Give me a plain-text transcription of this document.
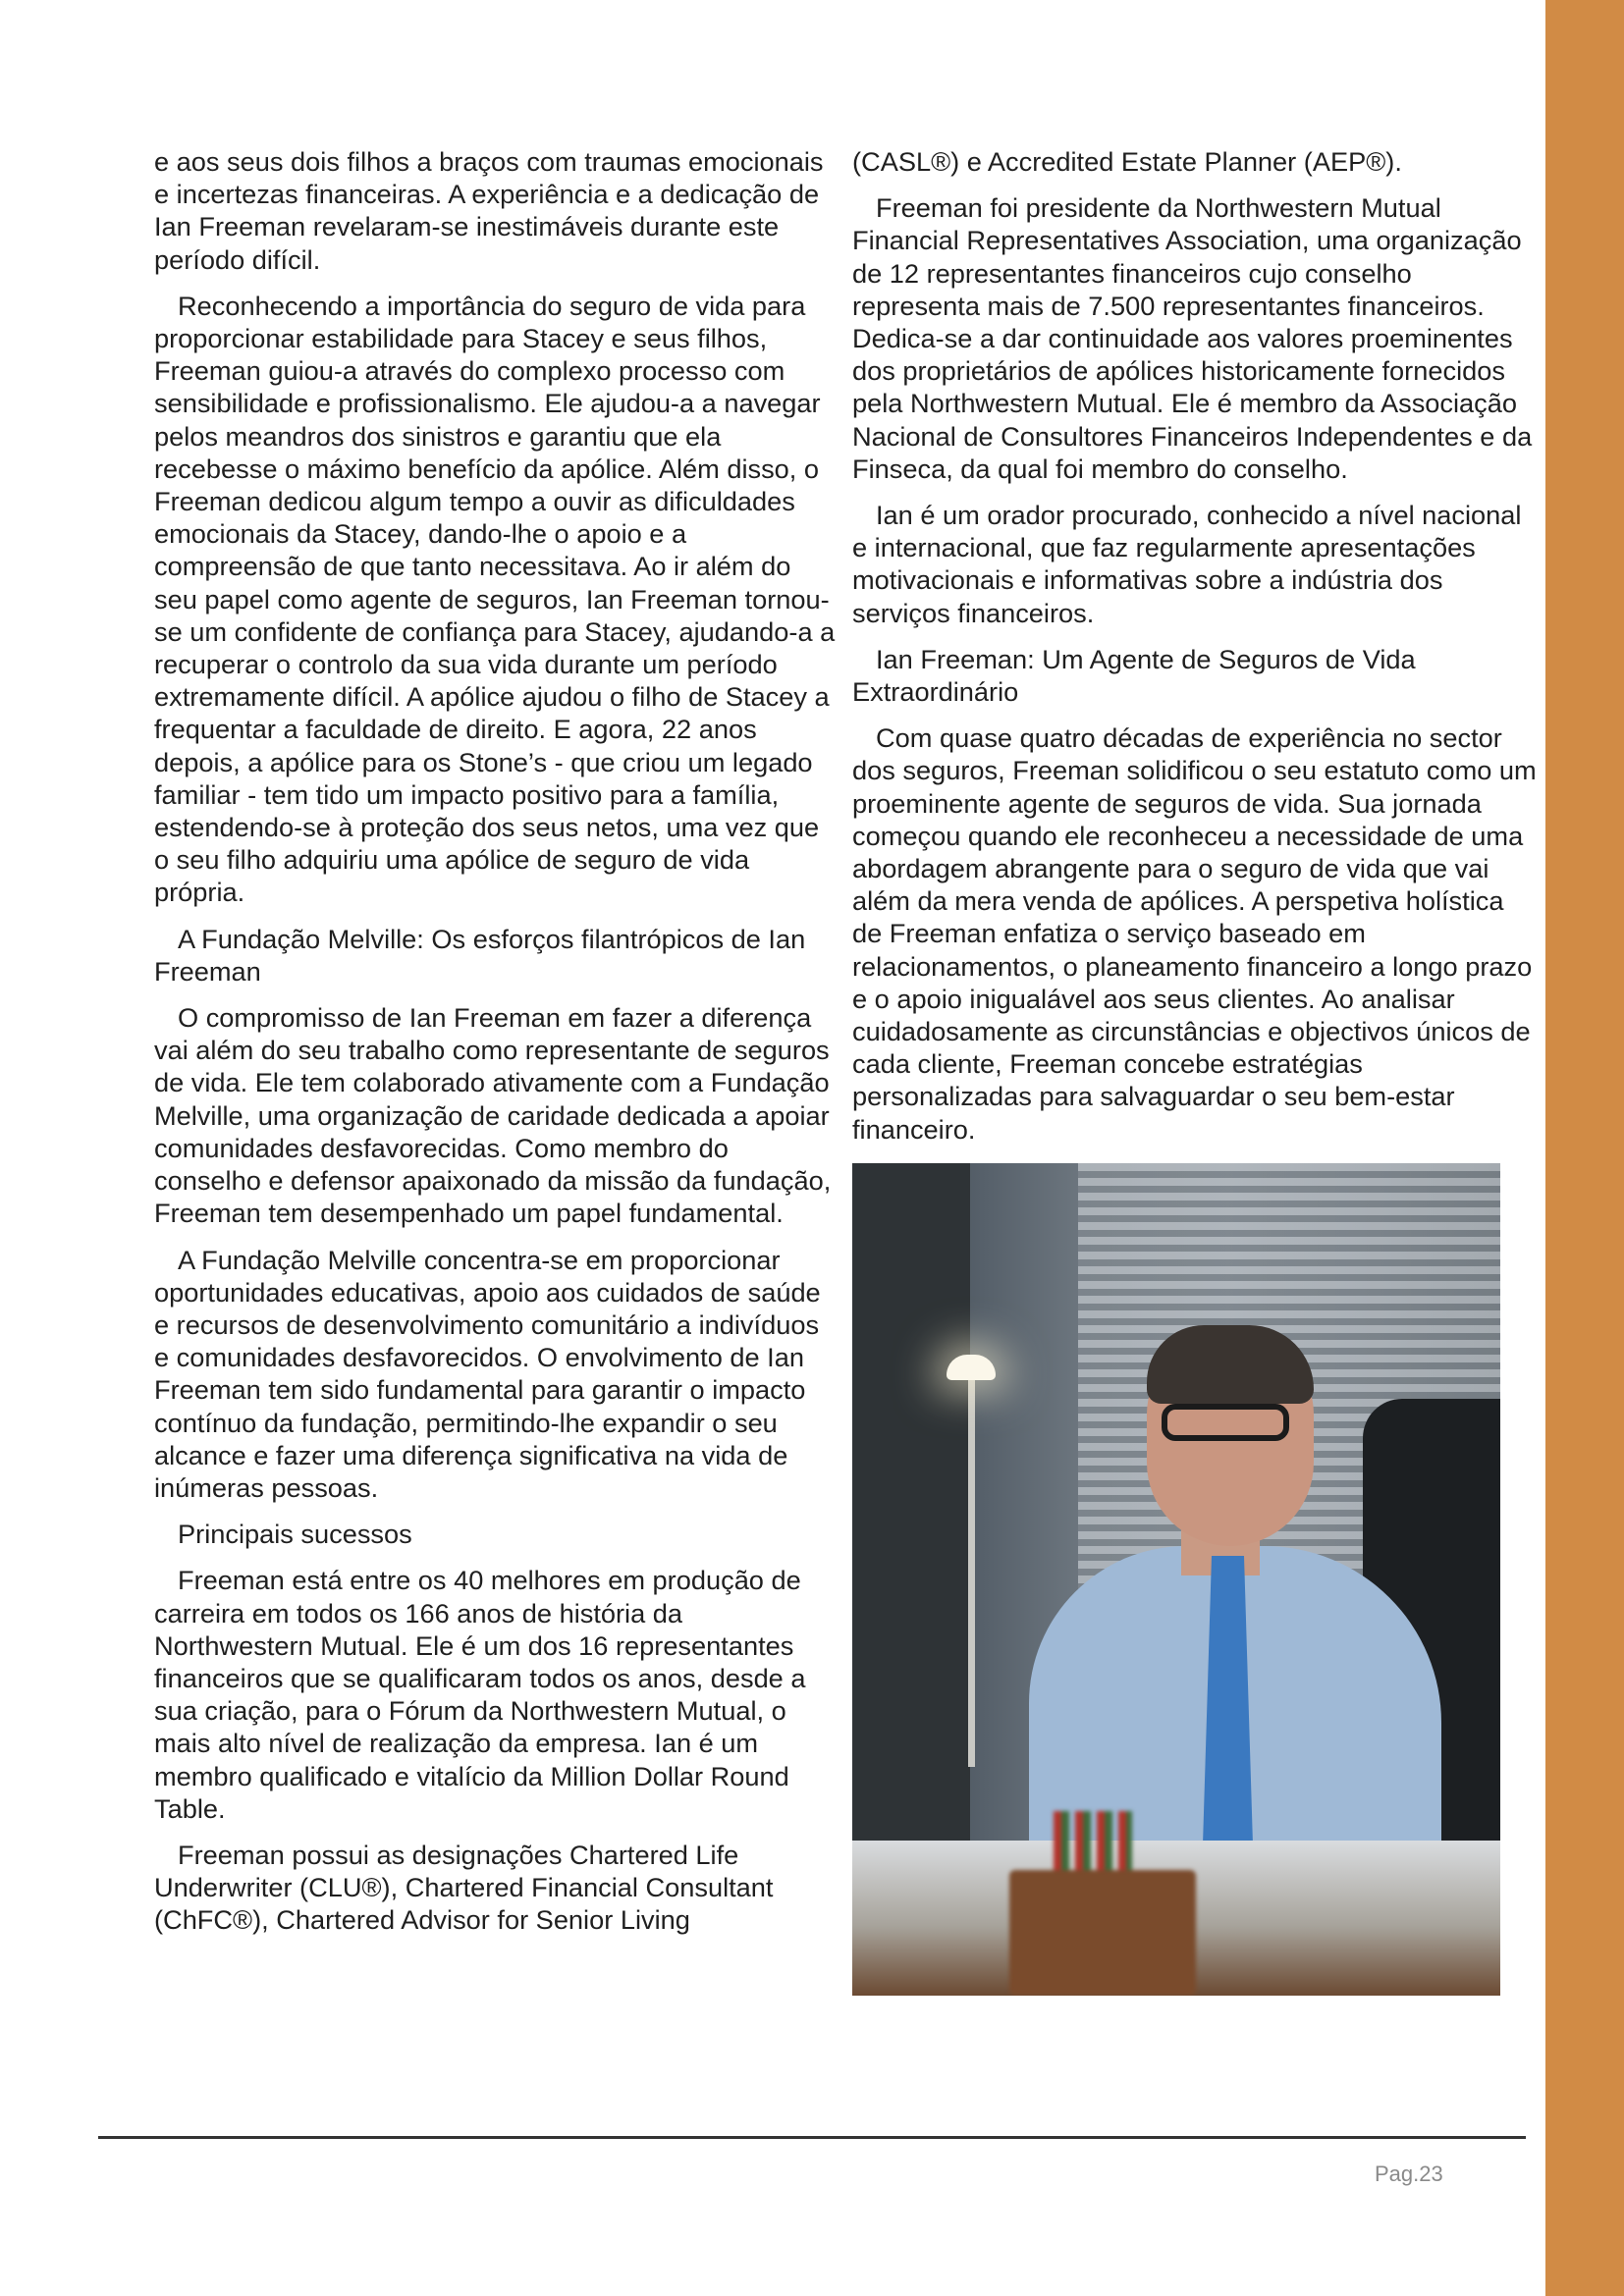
e aos seus dois filhos a braços com traumas emocionais e incertezas financeiras. A experiência e a dedicação de Ian Freeman revelaram-se inestimáveis durante este período difícil.

Reconhecendo a importância do seguro de vida para proporcionar estabilidade para Stacey e seus filhos, Freeman guiou-a através do complexo processo com sensibilidade e profissionalismo. Ele ajudou-a a navegar pelos meandros dos sinistros e garantiu que ela recebesse o máximo benefício da apólice. Além disso, o Freeman dedicou algum tempo a ouvir as dificuldades emocionais da Stacey, dando-lhe o apoio e a compreensão de que tanto necessitava. Ao ir além do seu papel como agente de seguros, Ian Freeman tornou-se um confidente de confiança para Stacey, ajudando-a a recuperar o controlo da sua vida durante um período extremamente difícil. A apólice ajudou o filho de Stacey a frequentar a faculdade de direito. E agora, 22 anos depois, a apólice para os Stone’s - que criou um legado familiar - tem tido um impacto positivo para a família, estendendo-se à proteção dos seus netos, uma vez que o seu filho adquiriu uma apólice de seguro de vida própria.

A Fundação Melville: Os esforços filantrópicos de Ian Freeman

O compromisso de Ian Freeman em fazer a diferença vai além do seu trabalho como representante de seguros de vida. Ele tem colaborado ativamente com a Fundação Melville, uma organização de caridade dedicada a apoiar comunidades desfavorecidas. Como membro do conselho e defensor apaixonado da missão da fundação, Freeman tem desempenhado um papel fundamental.

A Fundação Melville concentra-se em proporcionar oportunidades educativas, apoio aos cuidados de saúde e recursos de desenvolvimento comunitário a indivíduos e comunidades desfavorecidos. O envolvimento de Ian Freeman tem sido fundamental para garantir o impacto contínuo da fundação, permitindo-lhe expandir o seu alcance e fazer uma diferença significativa na vida de inúmeras pessoas.

Principais sucessos

Freeman está entre os 40 melhores em produção de carreira em todos os 166 anos de história da Northwestern Mutual. Ele é um dos 16 representantes financeiros que se qualificaram todos os anos, desde a sua criação, para o Fórum da Northwestern Mutual, o mais alto nível de realização da empresa. Ian é um membro qualificado e vitalício da Million Dollar Round Table.

Freeman possui as designações Chartered Life Underwriter (CLU®), Chartered Financial Consultant (ChFC®), Chartered Advisor for Senior Living

(CASL®) e Accredited Estate Planner (AEP®).

Freeman foi presidente da Northwestern Mutual Financial Representatives Association, uma organização de 12 representantes financeiros cujo conselho representa mais de 7.500 representantes financeiros. Dedica-se a dar continuidade aos valores proeminentes dos proprietários de apólices historicamente fornecidos pela Northwestern Mutual. Ele é membro da Associação Nacional de Consultores Financeiros Independentes e da Finseca, da qual foi membro do conselho.

Ian é um orador procurado, conhecido a nível nacional e internacional, que faz regularmente apresentações motivacionais e informativas sobre a indústria dos serviços financeiros.

Ian Freeman: Um Agente de Seguros de Vida Extraordinário

Com quase quatro décadas de experiência no sector dos seguros, Freeman solidificou o seu estatuto como um proeminente agente de seguros de vida. Sua jornada começou quando ele reconheceu a necessidade de uma abordagem abrangente para o seguro de vida que vai além da mera venda de apólices. A perspetiva holística de Freeman enfatiza o serviço baseado em relacionamentos, o planeamento financeiro a longo prazo e o apoio inigualável aos seus clientes. Ao analisar cuidadosamente as circunstâncias e objectivos únicos de cada cliente, Freeman concebe estratégias personalizadas para salvaguardar o seu bem-estar financeiro.

Pag.23
